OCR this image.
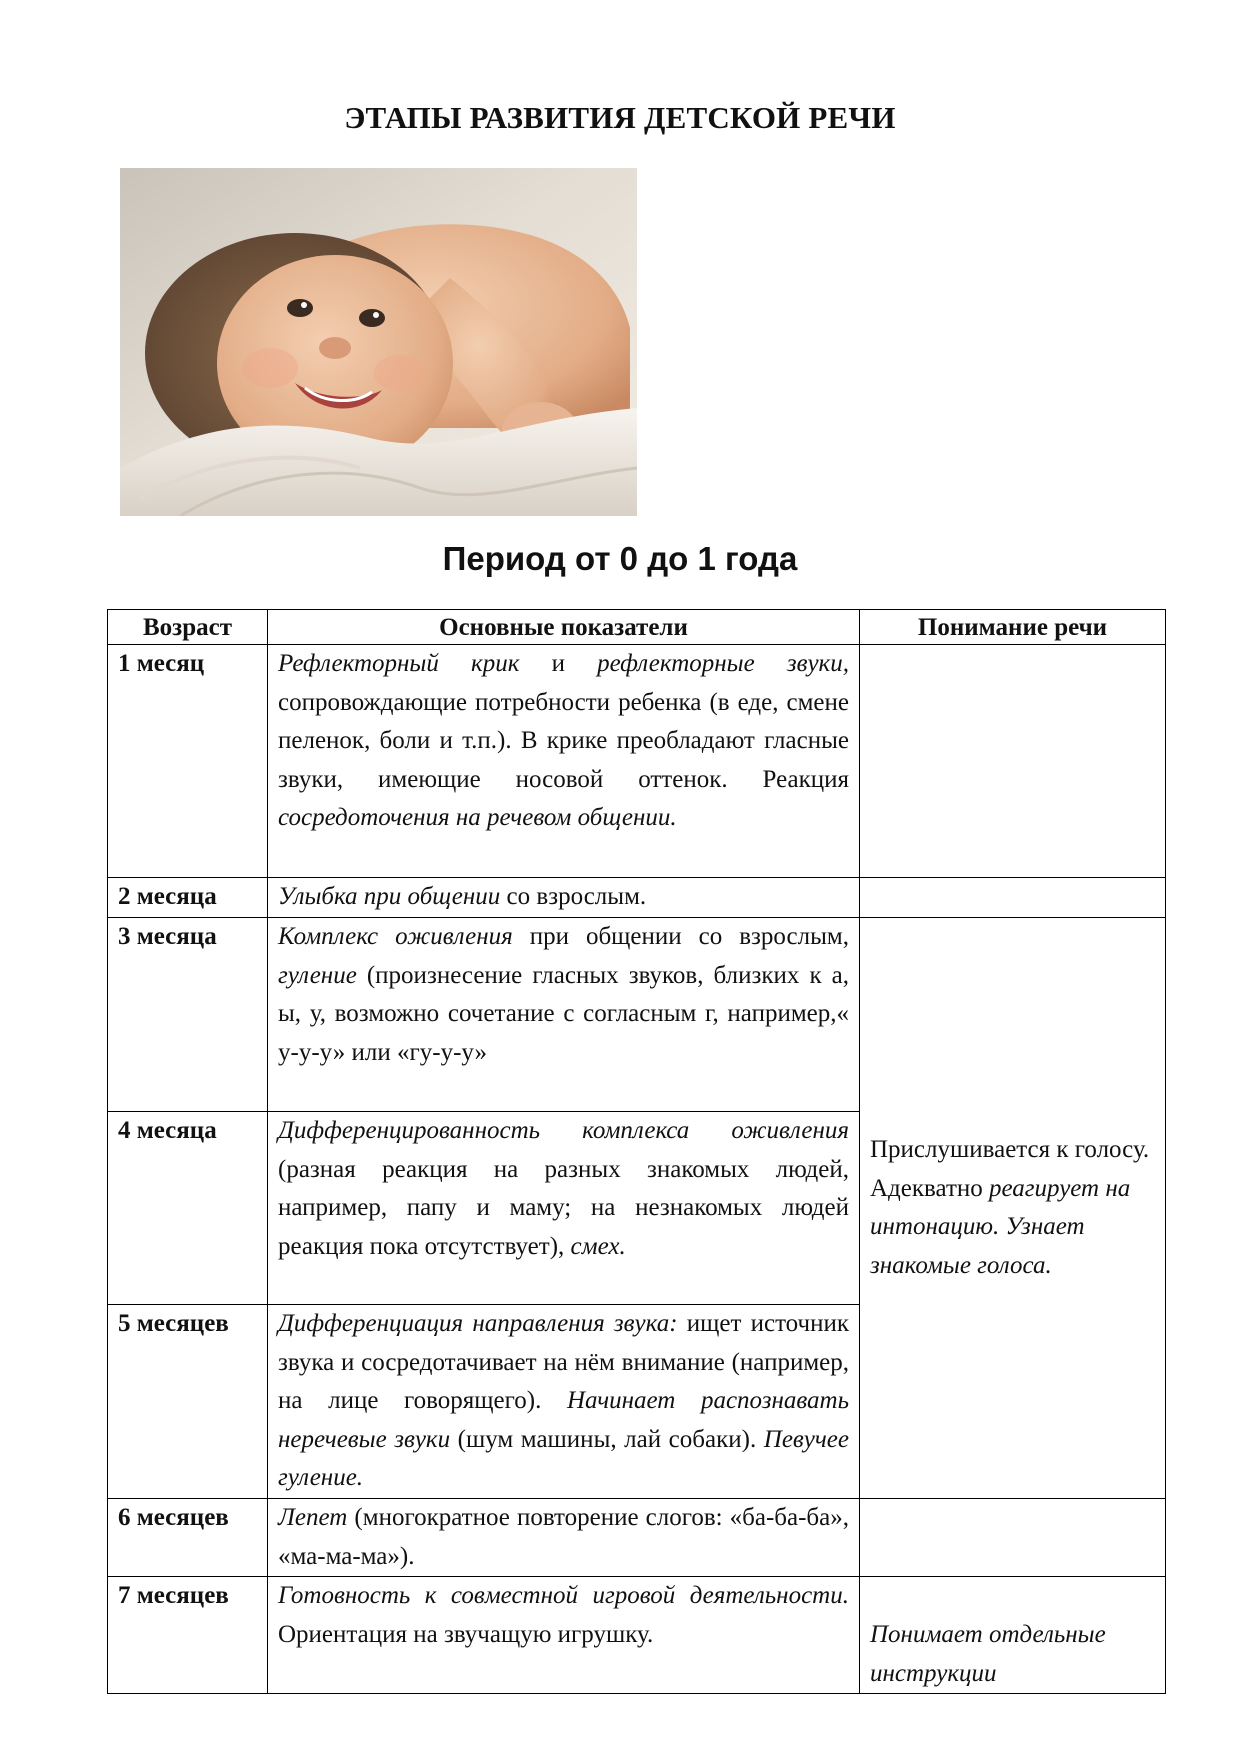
ЭТАПЫ РАЗВИТИЯ ДЕТСКОЙ РЕЧИ
Период от 0 до 1 года
Возраст	Основные показатели	Понимание речи
1 месяц	Рефлекторный крик и рефлекторные звуки, сопровождающие потребности ребенка (в еде, смене пеленок, боли и т.п.). В крике преобладают гласные звуки, имеющие носовой оттенок. Реакция сосредоточения на речевом общении.	
2 месяца	Улыбка при общении со взрослым.	
3 месяца	Комплекс оживления при общении со взрослым, гуление (произнесение гласных звуков, близких к а, ы, у, возможно сочетание с согласным г, например,« у-у-у» или «гу-у-у»	Прислушивается к голосу. Адекватно реагирует на интонацию. Узнает знакомые голоса.
4 месяца	Дифференцированность комплекса оживления (разная реакция на разных знакомых людей, например, папу и маму; на незнакомых людей реакция пока отсутствует), смех.	
5 месяцев	Дифференциация направления звука: ищет источник звука и сосредотачивает на нём внимание (например, на лице говорящего). Начинает распознавать неречевые звуки (шум машины, лай собаки). Певучее гуление.	
6 месяцев	Лепет (многократное повторение слогов: «ба-ба-ба», «ма-ма-ма»).	
7 месяцев	Готовность к совместной игровой деятельности. Ориентация на звучащую игрушку.	Понимает отдельные инструкции
